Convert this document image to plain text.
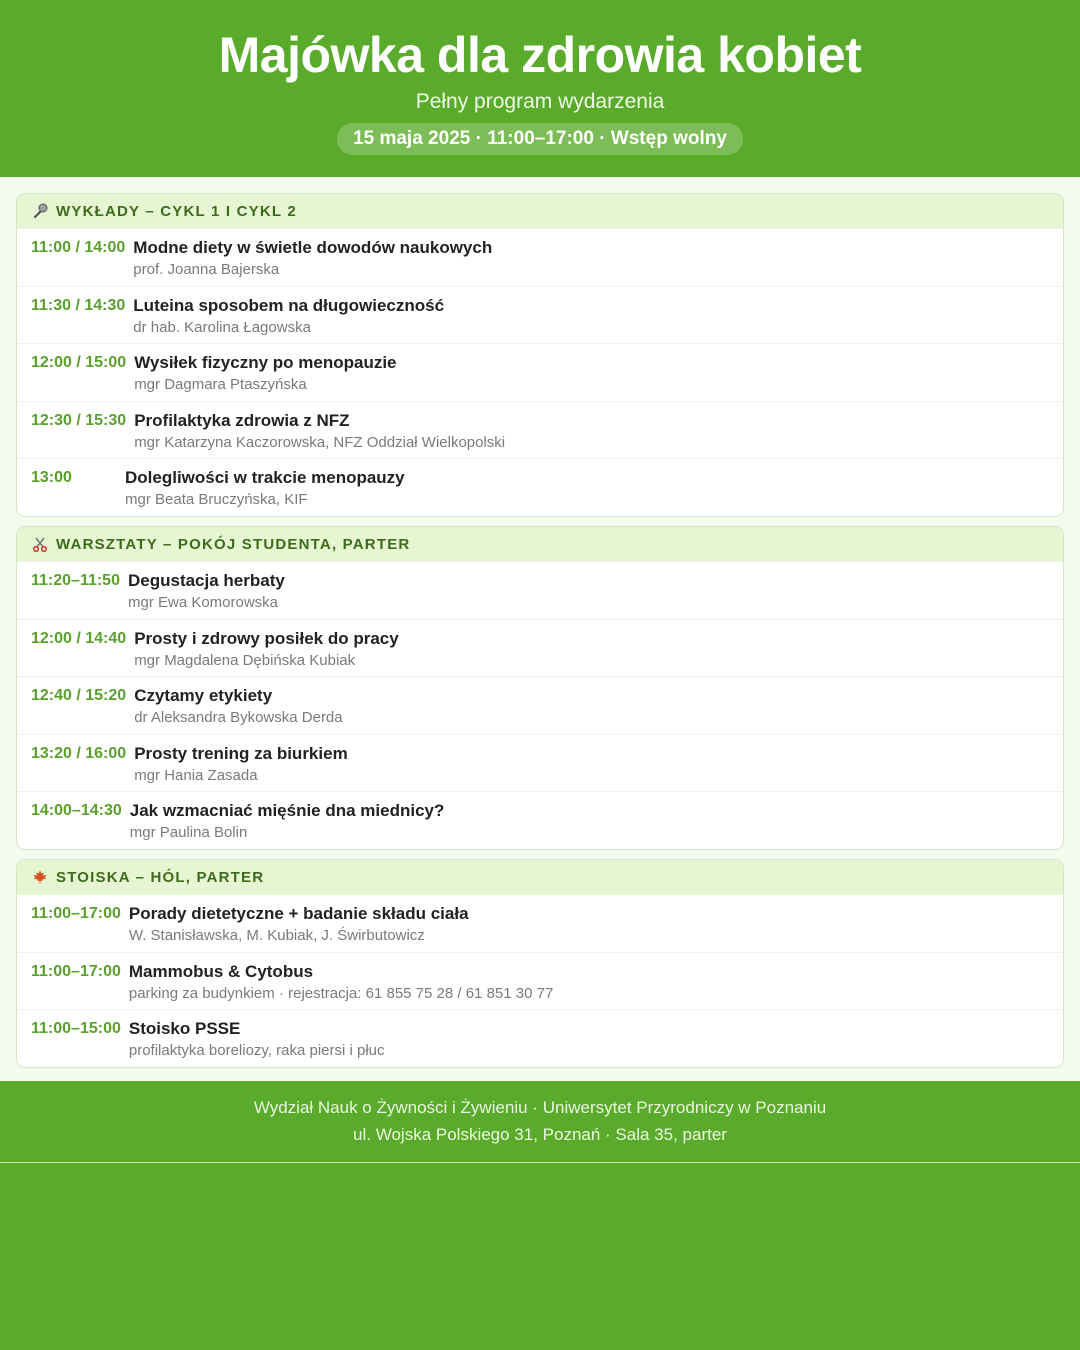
Majówka dla zdrowia kobiet
Pełny program wydarzenia
15 maja 2025 · 11:00–17:00 · Wstęp wolny
WYKŁADY – CYKL 1 I CYKL 2
11:00 / 14:00 Modne diety w świetle dowodów naukowych
prof. Joanna Bajerska
11:30 / 14:30 Luteina sposobem na długowieczność
dr hab. Karolina Łagowska
12:00 / 15:00 Wysiłek fizyczny po menopauzie
mgr Dagmara Ptaszyńska
12:30 / 15:30 Profilaktyka zdrowia z NFZ
mgr Katarzyna Kaczorowska, NFZ Oddział Wielkopolski
13:00	Dolegliwości w trakcie menopauzy
mgr Beata Bruczyńska, KIF
WARSZTATY – POKÓJ STUDENTA, PARTER
11:20–11:50 Degustacja herbaty
mgr Ewa Komorowska
12:00 / 14:40 Prosty i zdrowy posiłek do pracy
mgr Magdalena Dębińska Kubiak
12:40 / 15:20 Czytamy etykiety
dr Aleksandra Bykowska Derda
13:20 / 16:00 Prosty trening za biurkiem
mgr Hania Zasada
14:00–14:30 Jak wzmacniać mięśnie dna miednicy?
mgr Paulina Bolin
STOISKA – HÓL, PARTER
11:00–17:00 Porady dietetyczne + badanie składu ciała
W. Stanisławska, M. Kubiak, J. Świrbutowicz
11:00–17:00 Mammobus & Cytobus
parking za budynkiem · rejestracja: 61 855 75 28 / 61 851 30 77
11:00–15:00 Stoisko PSSE
profilaktyka boreliozy, raka piersi i płuc
Wydział Nauk o Żywności i Żywieniu · Uniwersytet Przyrodniczy w Poznaniu
ul. Wojska Polskiego 31, Poznań · Sala 35, parter
